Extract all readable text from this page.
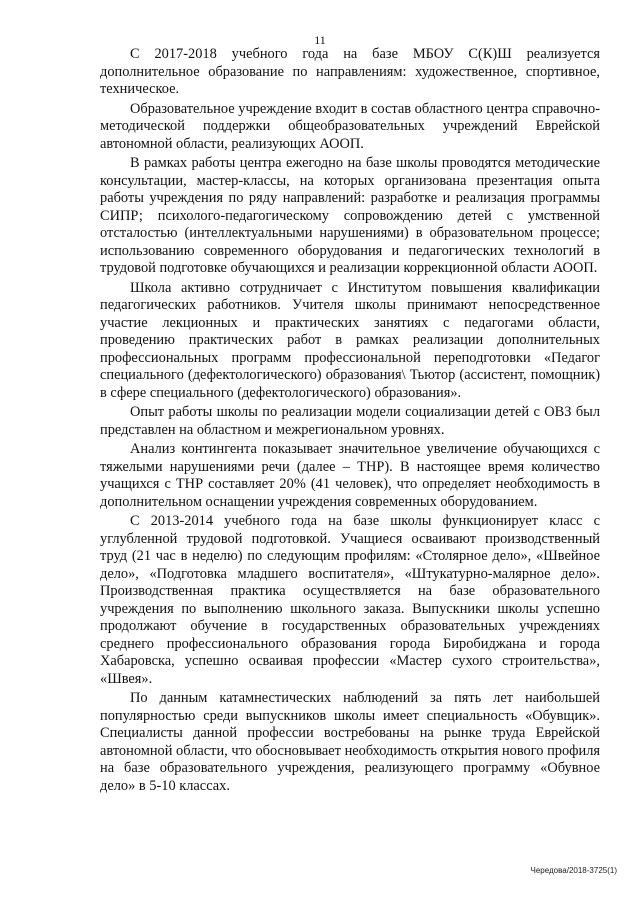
11

С 2017-2018 учебного года на базе МБОУ С(К)Ш реализуется дополнительное образование по направлениям: художественное, спортивное, техническое.

Образовательное учреждение входит в состав областного центра справочно-методической поддержки общеобразовательных учреждений Еврейской автономной области, реализующих АООП.

В рамках работы центра ежегодно на базе школы проводятся методические консультации, мастер-классы, на которых организована презентация опыта работы учреждения по ряду направлений: разработке и реализация программы СИПР; психолого-педагогическому сопровождению детей с умственной отсталостью (интеллектуальными нарушениями) в образовательном процессе; использованию современного оборудования и педагогических технологий в трудовой подготовке обучающихся и реализации коррекционной области АООП.

Школа активно сотрудничает с Институтом повышения квалификации педагогических работников. Учителя школы принимают непосредственное участие лекционных и практических занятиях с педагогами области, проведению практических работ в рамках реализации дополнительных профессиональных программ профессиональной переподготовки «Педагог специального (дефектологического) образования\ Тьютор (ассистент, помощник) в сфере специального (дефектологического) образования».

Опыт работы школы по реализации модели социализации детей с ОВЗ был представлен на областном и межрегиональном уровнях.

Анализ контингента показывает значительное увеличение обучающихся с тяжелыми нарушениями речи (далее – ТНР). В настоящее время количество учащихся с ТНР составляет 20% (41 человек), что определяет необходимость в дополнительном оснащении учреждения современных оборудованием.

С 2013-2014 учебного года на базе школы функционирует класс с углубленной трудовой подготовкой. Учащиеся осваивают производственный труд (21 час в неделю) по следующим профилям: «Столярное дело», «Швейное дело», «Подготовка младшего воспитателя», «Штукатурно-малярное дело». Производственная практика осуществляется на базе образовательного учреждения по выполнению школьного заказа. Выпускники школы успешно продолжают обучение в государственных образовательных учреждениях среднего профессионального образования города Биробиджана и города Хабаровска, успешно осваивая профессии «Мастер сухого строительства», «Швея».

По данным катамнестических наблюдений за пять лет наибольшей популярностью среди выпускников школы имеет специальность «Обувщик». Специалисты данной профессии востребованы на рынке труда Еврейской автономной области, что обосновывает необходимость открытия нового профиля на базе образовательного учреждения, реализующего программу «Обувное дело» в 5-10 классах.

Чередова/2018-3725(1)
